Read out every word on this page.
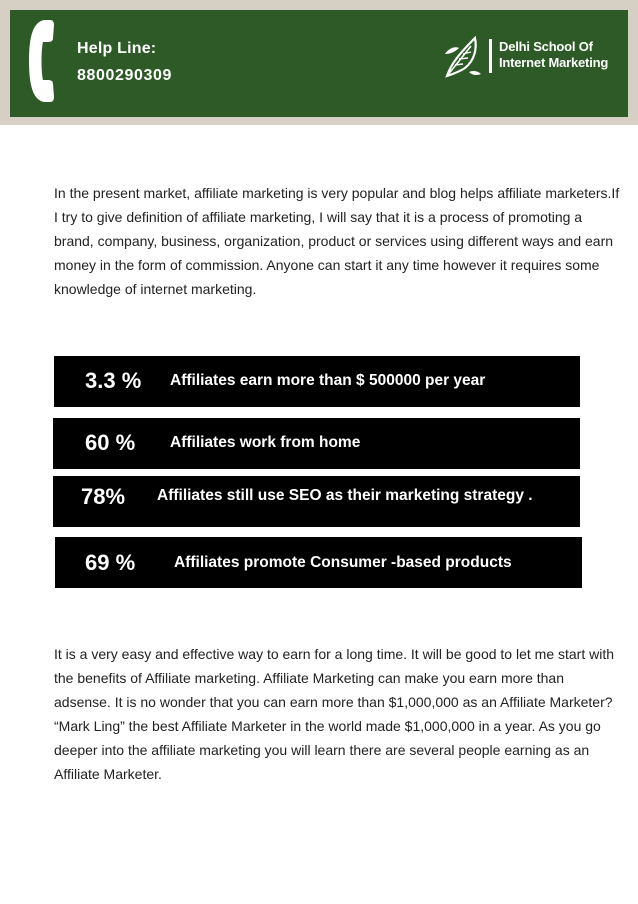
Help Line:
8800290309
Delhi School Of
Internet Marketing

In the present market, affiliate marketing is very popular and blog helps affiliate marketers.If I try to give definition of affiliate marketing, I will say that it is a process of promoting a brand, company, business, organization, product or services using different ways and earn money in the form of commission. Anyone can start it any time however it requires some knowledge of internet marketing.

3.3 % Affiliates earn more than $ 500000 per year
60 % Affiliates work from home
78% Affiliates still use SEO as their marketing strategy .
69 %	Affiliates promote Consumer -based products

It is a very easy and effective way to earn for a long time. It will be good to let me start with the benefits of Affiliate marketing. Affiliate Marketing can make you earn more than adsense. It is no wonder that you can earn more than $1,000,000 as an Affiliate Marketer? “Mark Ling” the best Affiliate Marketer in the world made $1,000,000 in a year. As you go deeper into the affiliate marketing you will learn there are several people earning as an Affiliate Marketer.
